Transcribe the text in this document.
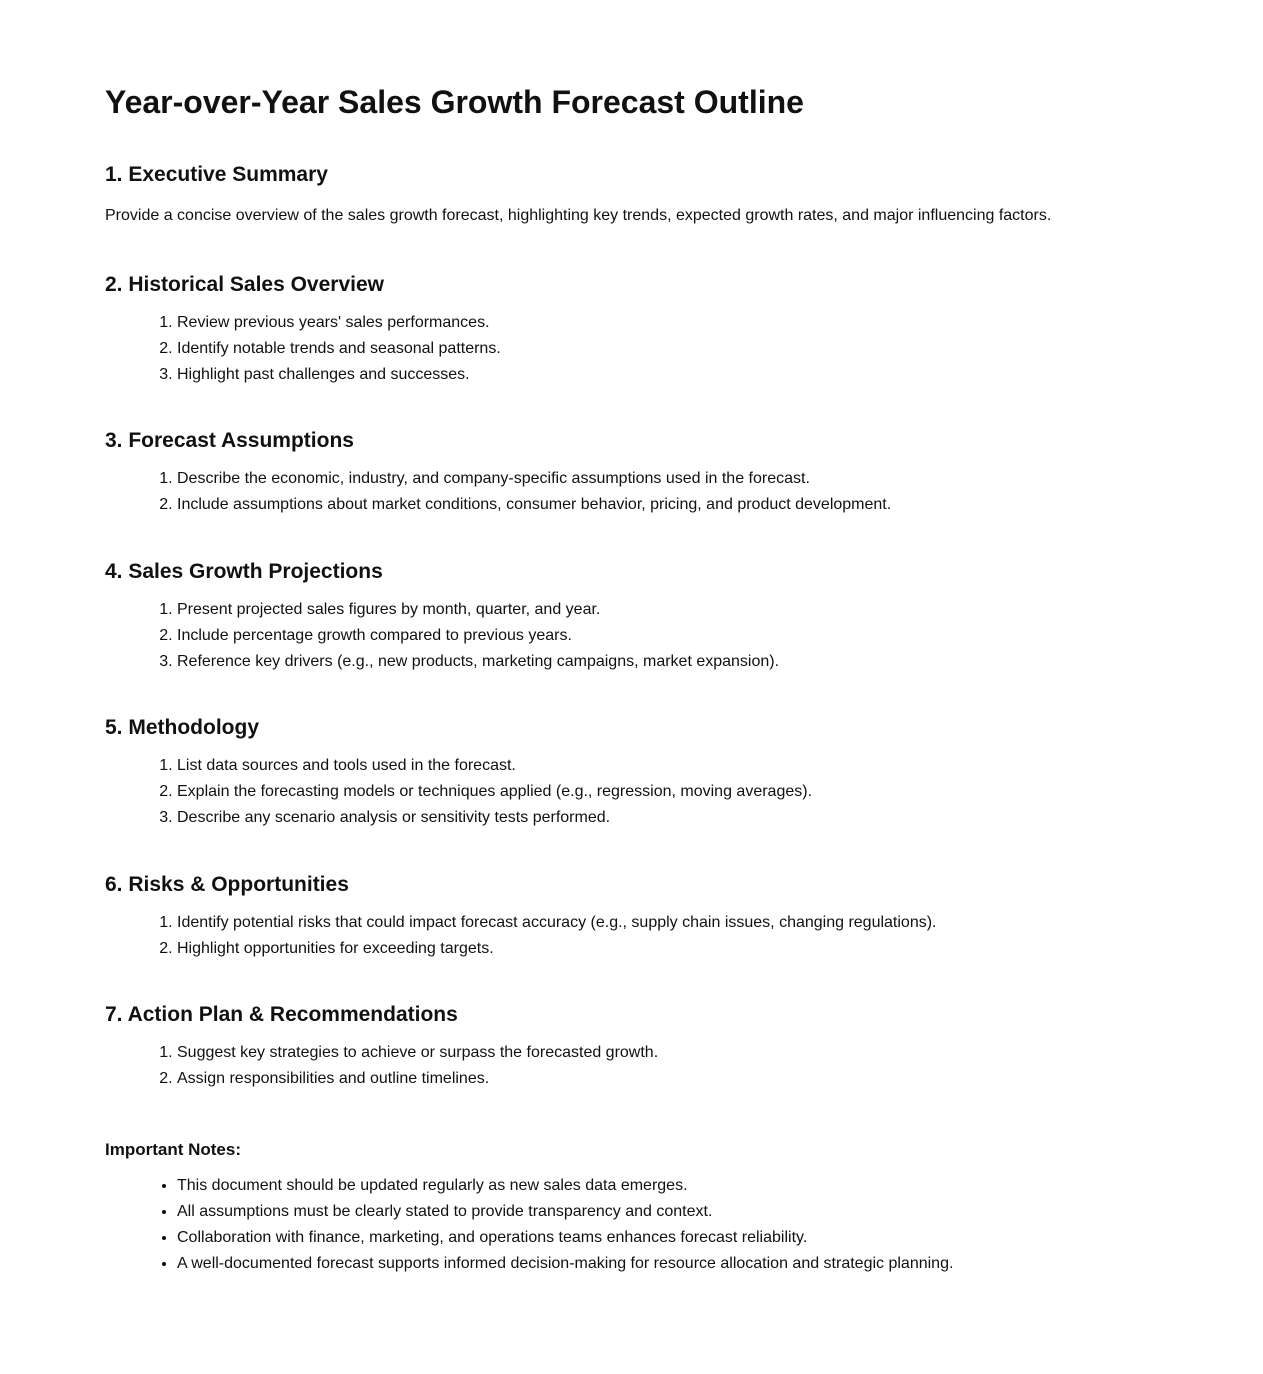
Year-over-Year Sales Growth Forecast Outline
1. Executive Summary

Provide a concise overview of the sales growth forecast, highlighting key trends, expected growth rates, and major influencing factors.

2. Historical Sales Overview
1. Review previous years' sales performances.
2. Identify notable trends and seasonal patterns.
3. Highlight past challenges and successes.
3. Forecast Assumptions
1. Describe the economic, industry, and company-specific assumptions used in the forecast.
2. Include assumptions about market conditions, consumer behavior, pricing, and product development.
4. Sales Growth Projections
1. Present projected sales figures by month, quarter, and year.
2. Include percentage growth compared to previous years.
3. Reference key drivers (e.g., new products, marketing campaigns, market expansion).
5. Methodology
1. List data sources and tools used in the forecast.
2. Explain the forecasting models or techniques applied (e.g., regression, moving averages).
3. Describe any scenario analysis or sensitivity tests performed.
6. Risks & Opportunities
1. Identify potential risks that could impact forecast accuracy (e.g., supply chain issues, changing regulations).
2. Highlight opportunities for exceeding targets.
7. Action Plan & Recommendations
1. Suggest key strategies to achieve or surpass the forecasted growth.
2. Assign responsibilities and outline timelines.
Important Notes:
• This document should be updated regularly as new sales data emerges.
• All assumptions must be clearly stated to provide transparency and context.
• Collaboration with finance, marketing, and operations teams enhances forecast reliability.
• A well-documented forecast supports informed decision-making for resource allocation and strategic planning.
